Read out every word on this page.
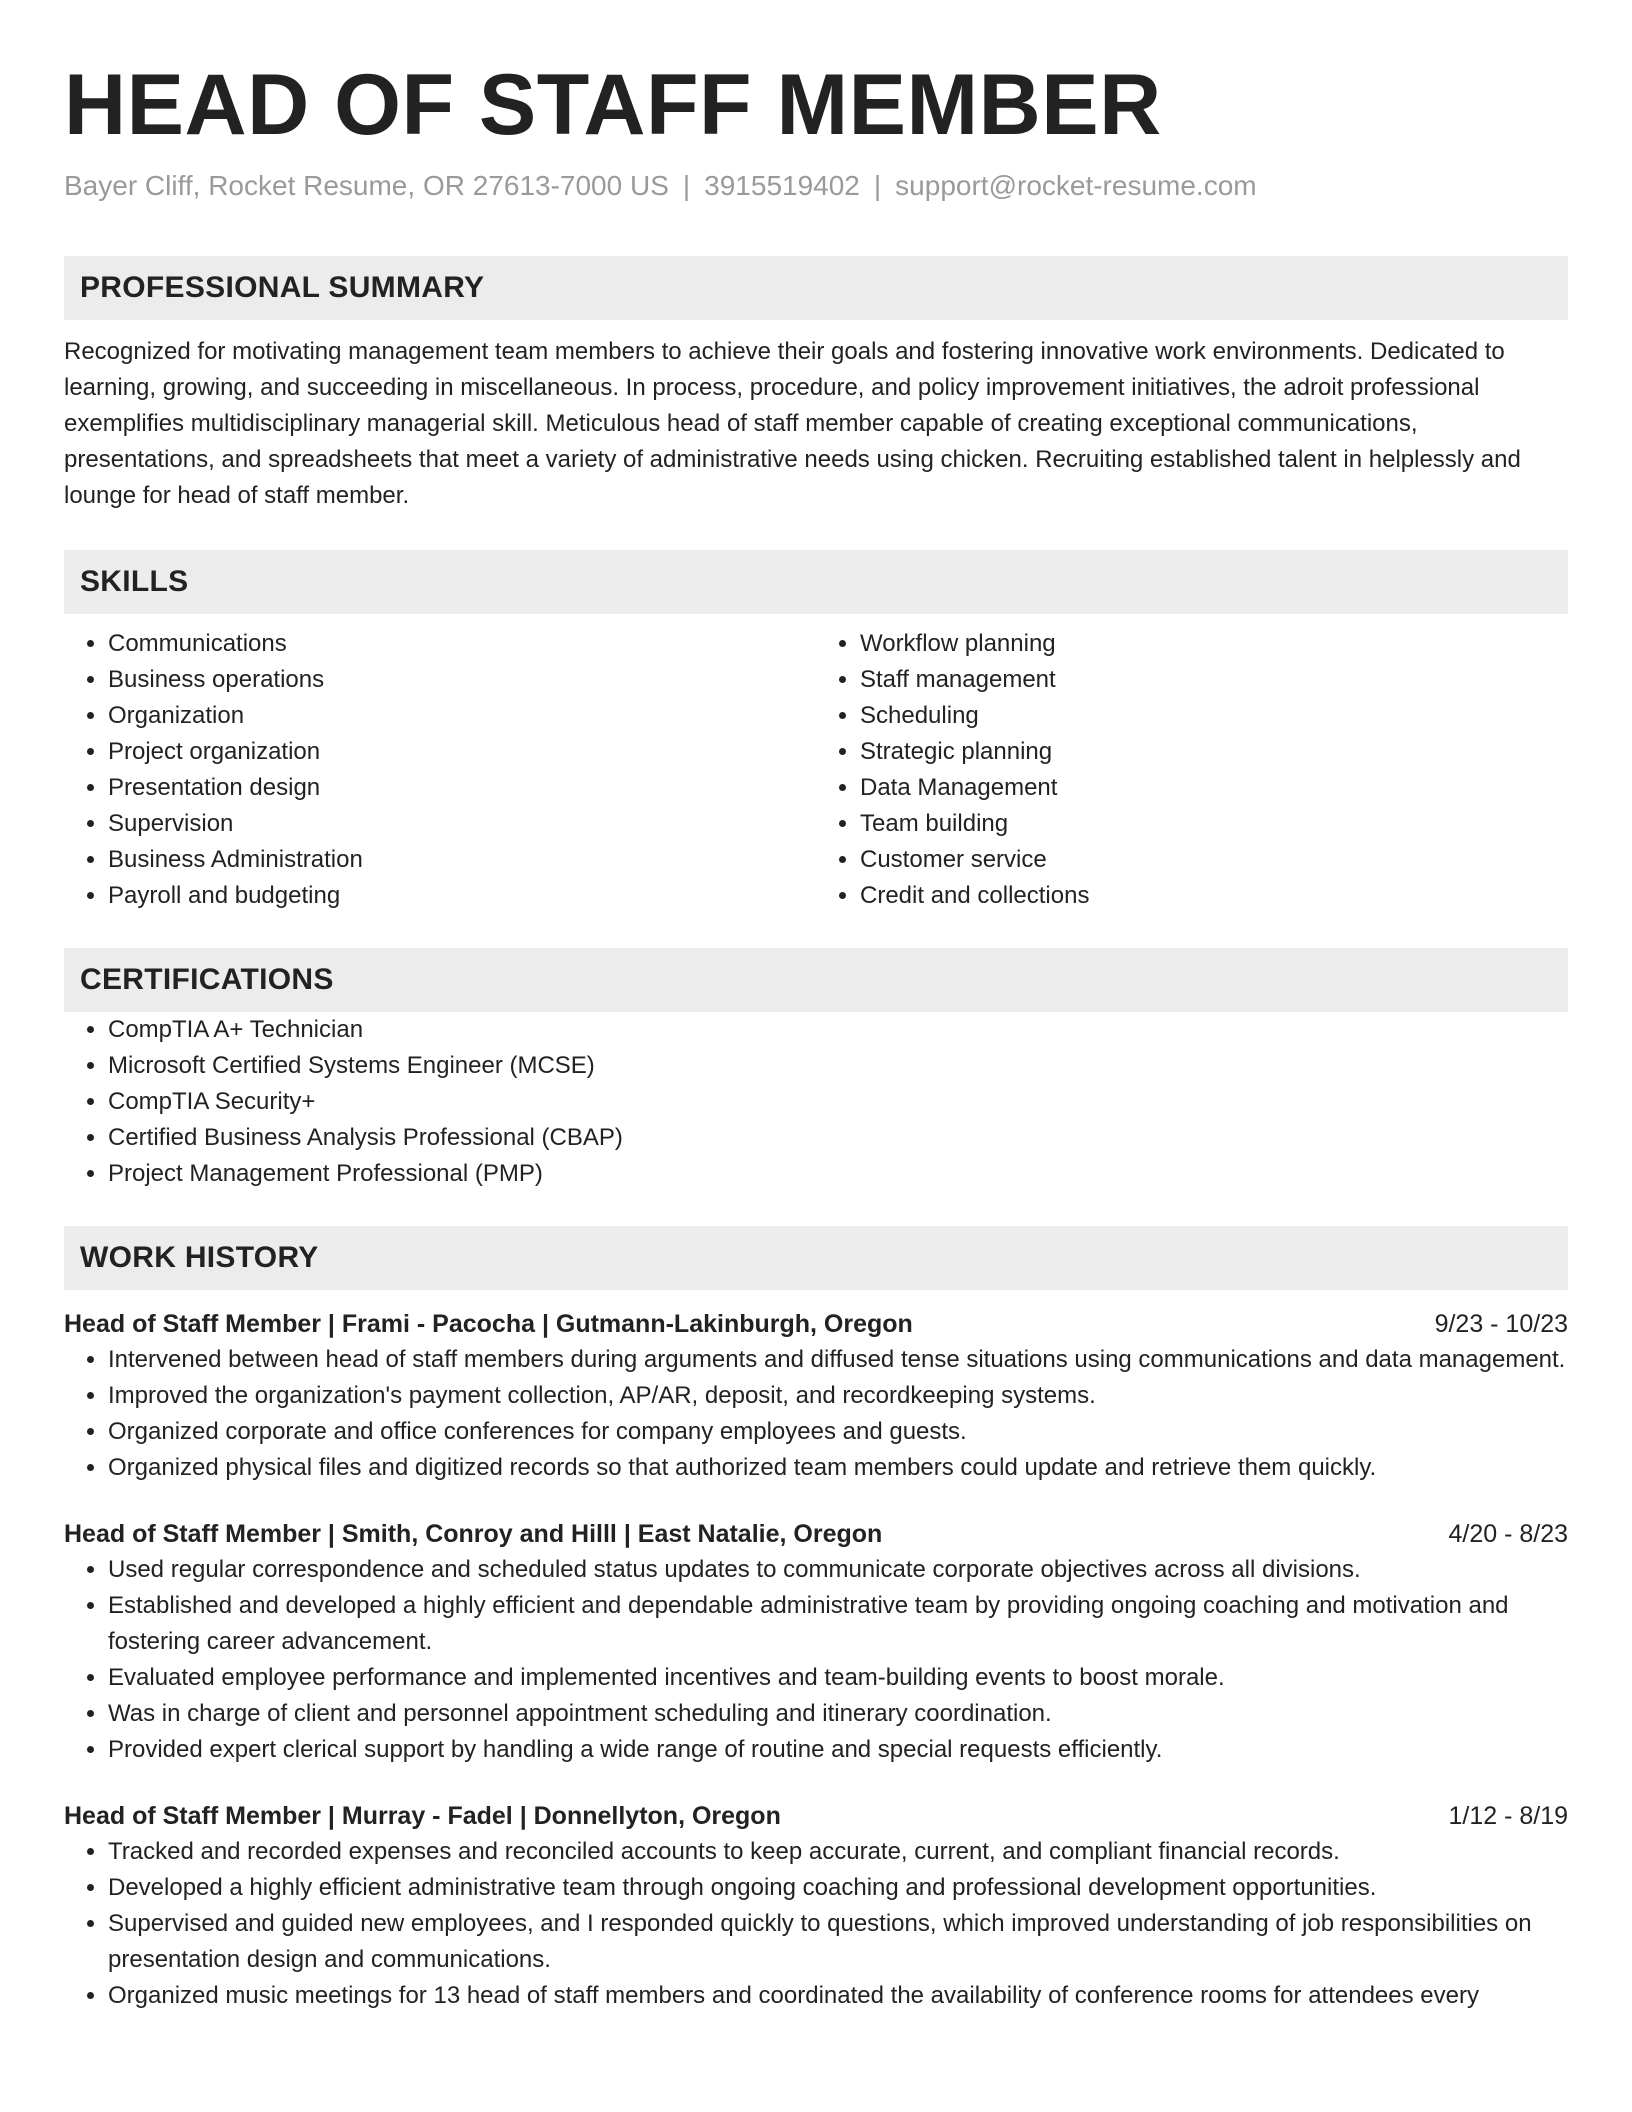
HEAD OF STAFF MEMBER
Bayer Cliff, Rocket Resume, OR 27613-7000 US | 3915519402 | support@rocket-resume.com
PROFESSIONAL SUMMARY

Recognized for motivating management team members to achieve their goals and fostering innovative work environments. Dedicated to learning, growing, and succeeding in miscellaneous. In process, procedure, and policy improvement initiatives, the adroit professional exemplifies multidisciplinary managerial skill. Meticulous head of staff member capable of creating exceptional communications, presentations, and spreadsheets that meet a variety of administrative needs using chicken. Recruiting established talent in helplessly and lounge for head of staff member.

SKILLS
• Communications
• Business operations
• Organization
• Project organization
• Presentation design
• Supervision
• Business Administration
• Payroll and budgeting
• Workflow planning
• Staff management
• Scheduling
• Strategic planning
• Data Management
• Team building
• Customer service
• Credit and collections
CERTIFICATIONS
• CompTIA A+ Technician
• Microsoft Certified Systems Engineer (MCSE)
• CompTIA Security+
• Certified Business Analysis Professional (CBAP)
• Project Management Professional (PMP)
WORK HISTORY
Head of Staff Member | Frami - Pacocha | Gutmann-Lakinburgh, Oregon	9/23 - 10/23
• Intervened between head of staff members during arguments and diffused tense situations using communications and data management.
• Improved the organization's payment collection, AP/AR, deposit, and recordkeeping systems.
• Organized corporate and office conferences for company employees and guests.
• Organized physical files and digitized records so that authorized team members could update and retrieve them quickly.
Head of Staff Member | Smith, Conroy and Hilll | East Natalie, Oregon	4/20 - 8/23
• Used regular correspondence and scheduled status updates to communicate corporate objectives across all divisions.
• Established and developed a highly efficient and dependable administrative team by providing ongoing coaching and motivation and fostering career advancement.
• Evaluated employee performance and implemented incentives and team-building events to boost morale.
• Was in charge of client and personnel appointment scheduling and itinerary coordination.
• Provided expert clerical support by handling a wide range of routine and special requests efficiently.
Head of Staff Member | Murray - Fadel | Donnellyton, Oregon	1/12 - 8/19
• Tracked and recorded expenses and reconciled accounts to keep accurate, current, and compliant financial records.
• Developed a highly efficient administrative team through ongoing coaching and professional development opportunities.
• Supervised and guided new employees, and I responded quickly to questions, which improved understanding of job responsibilities on presentation design and communications.
• Organized music meetings for 13 head of staff members and coordinated the availability of conference rooms for attendees every
